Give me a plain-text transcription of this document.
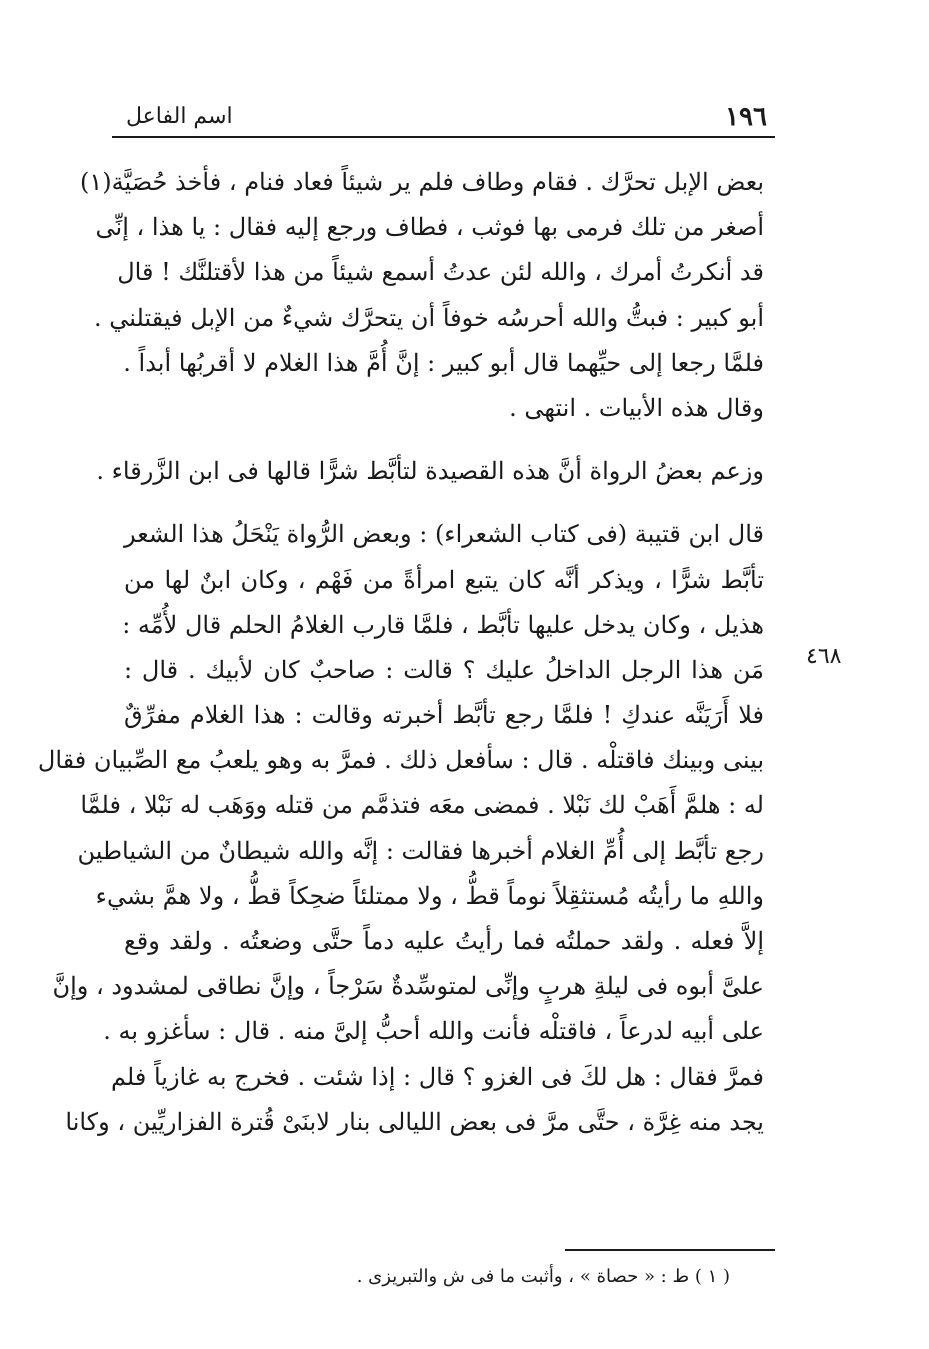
١٩٦
اسم الفاعل
٤٦٨
بعض الإبل تحرَّك . فقام وطاف فلم ير شيئاً فعاد فنام ، فأخذ حُصَيَّة(١)
أصغر من تلك فرمى بها فوثب ، فطاف ورجع إليه فقال : يا هذا ، إنِّى
قد أنكرتُ أمرك ، والله لئن عدتُ أسمع شيئاً من هذا لأقتلنَّك ! قال
أبو كبير : فبتُّ والله أحرسُه خوفاً أن يتحرَّك شيءٌ من الإبل فيقتلني .
فلمَّا رجعا إلى حيِّهما قال أبو كبير : إنَّ أُمَّ هذا الغلام لا أقربُها أبداً .
وقال هذه الأبيات . انتهى .
وزعم بعضُ الرواة أنَّ هذه القصيدة لتأبَّط شرًّا قالها فى ابن الزَّرقاء .
قال ابن قتيبة (فى كتاب الشعراء) : وبعض الرُّواة يَنْحَلُ هذا الشعر
تأبَّط شرًّا ، ويذكر أنَّه كان يتبع امرأةً من فَهْم ، وكان ابنٌ لها من
هذيل ، وكان يدخل عليها تأبَّط ، فلمَّا قارب الغلامُ الحلم قال لأُمِّه :
مَن هذا الرجل الداخلُ عليك ؟ قالت : صاحبٌ كان لأبيك . قال :
فلا أَرَيَنَّه عندكِ ! فلمَّا رجع تأبَّط أخبرته وقالت : هذا الغلام مفرِّقٌ
بينى وبينك فاقتلْه . قال : سأفعل ذلك . فمرَّ به وهو يلعبُ مع الصِّبيان فقال
له : هلمَّ أَهَبْ لك نَبْلا . فمضى معَه فتذمَّم من قتله ووَهَب له نَبْلا ، فلمَّا
رجع تأبَّط إلى أُمِّ الغلام أخبرها فقالت : إنَّه والله شيطانٌ من الشياطين
واللهِ ما رأيتُه مُستثقِلاً نوماً قطُّ ، ولا ممتلئاً ضحِكاً قطُّ ، ولا همَّ بشيء
إلاَّ فعله . ولقد حملتُه فما رأيتُ عليه دماً حتَّى وضعتُه . ولقد وقع
علىَّ أبوه فى ليلةِ هربٍ وإنِّى لمتوسِّدةٌ سَرْجاً ، وإنَّ نطاقى لمشدود ، وإنَّ
على أبيه لدرعاً ، فاقتلْه فأنت والله أحبُّ إلىَّ منه . قال : سأغزو به .
فمرَّ فقال : هل لكَ فى الغزو ؟ قال : إذا شئت . فخرج به غازياً فلم
يجد منه غِرَّة ، حتَّى مرَّ فى بعض الليالى بنار لابنَىْ قُترة الفزاريِّين ، وكانا
( ١ ) ط : « حصاة » ، وأثبت ما فى ش والتبريزى .
